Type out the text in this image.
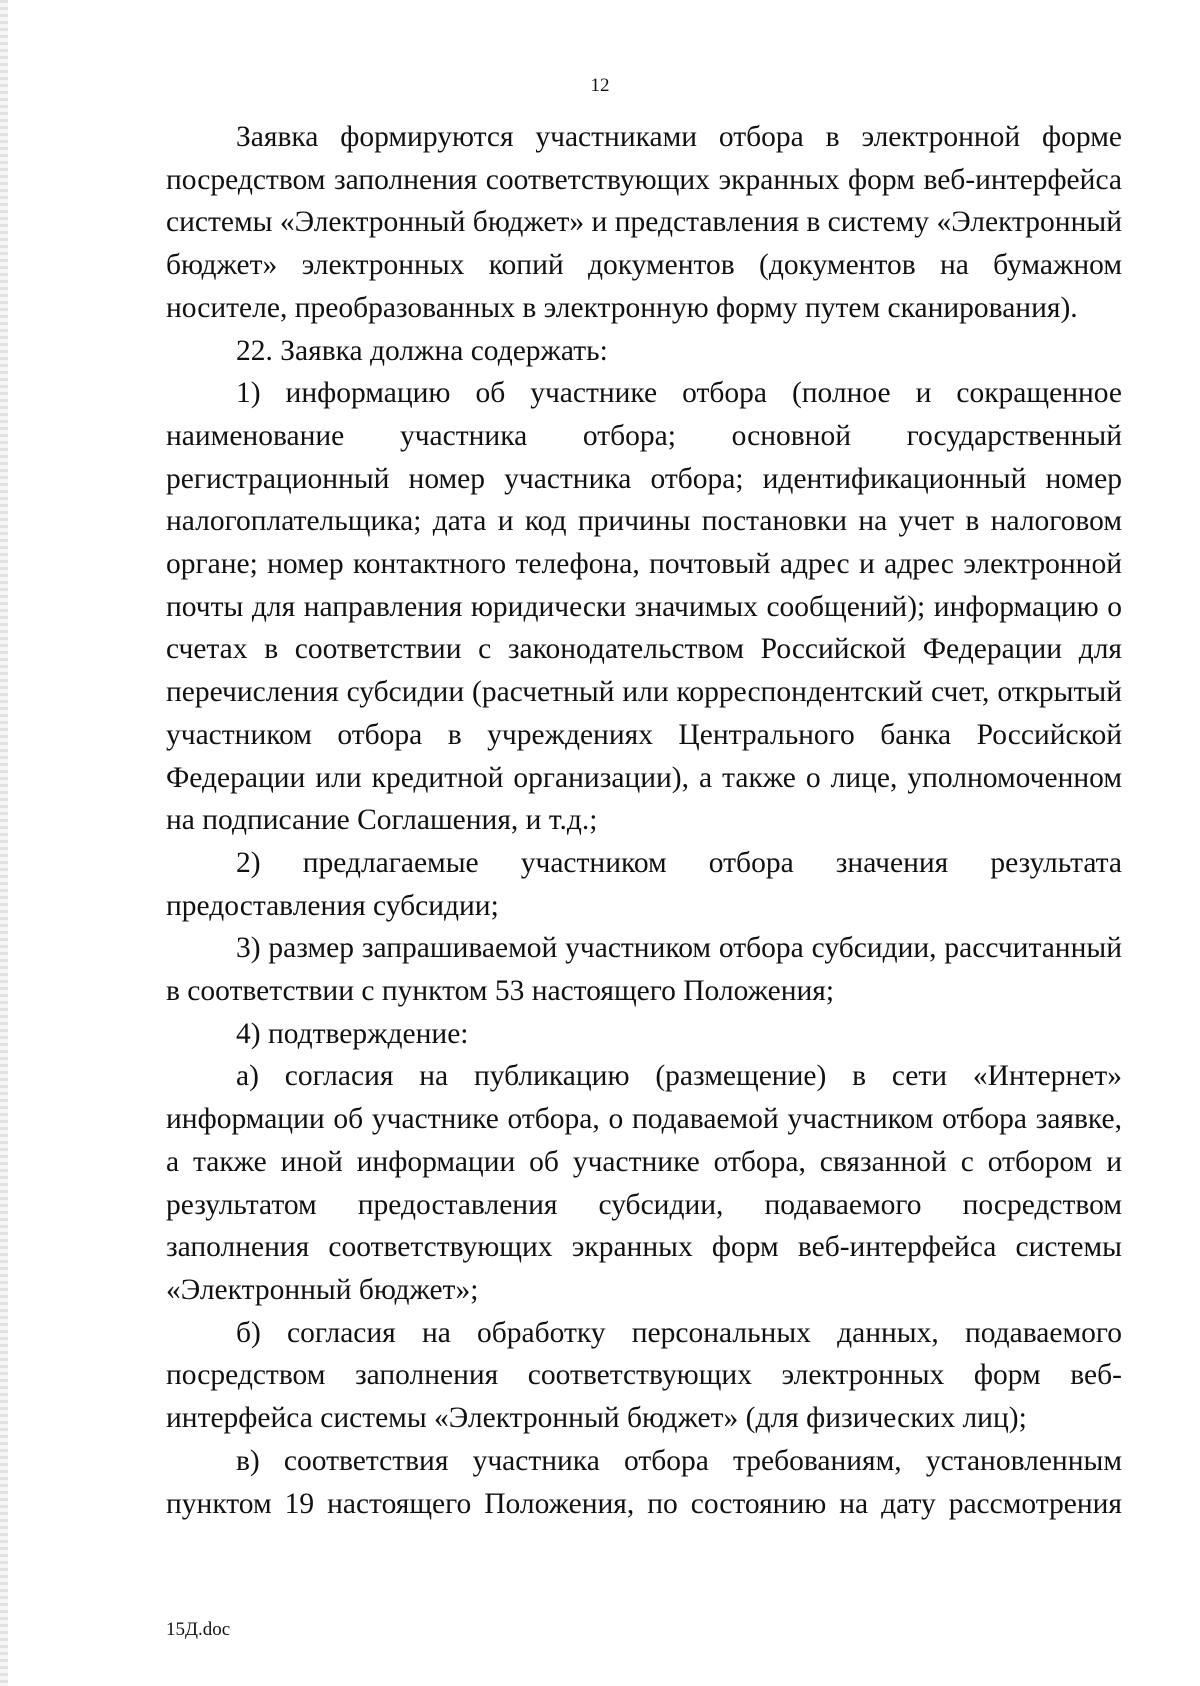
12

Заявка формируются участниками отбора в электронной форме посредством заполнения соответствующих экранных форм веб-интерфейса системы «Электронный бюджет» и представления в систему «Электронный бюджет» электронных копий документов (документов на бумажном носителе, преобразованных в электронную форму путем сканирования).

22. Заявка должна содержать:

1) информацию об участнике отбора (полное и сокращенное наименование участника отбора; основной государственный регистрационный номер участника отбора; идентификационный номер налогоплательщика; дата и код причины постановки на учет в налоговом органе; номер контактного телефона, почтовый адрес и адрес электронной почты для направления юридически значимых сообщений); информацию о счетах в соответствии с законодательством Российской Федерации для перечисления субсидии (расчетный или корреспондентский счет, открытый участником отбора в учреждениях Центрального банка Российской Федерации или кредитной организации), а также о лице, уполномоченном на подписание Соглашения, и т.д.;

2) предлагаемые участником отбора значения результата предоставления субсидии;

3) размер запрашиваемой участником отбора субсидии, рассчитанный в соответствии с пунктом 53 настоящего Положения;

4) подтверждение:

а) согласия на публикацию (размещение) в сети «Интернет» информации об участнике отбора, о подаваемой участником отбора заявке, а также иной информации об участнике отбора, связанной с отбором и результатом предоставления субсидии, подаваемого посредством заполнения соответствующих экранных форм веб-интерфейса системы «Электронный бюджет»;

б) согласия на обработку персональных данных, подаваемого посредством заполнения соответствующих электронных форм веб-интерфейса системы «Электронный бюджет» (для физических лиц);

в) соответствия участника отбора требованиям, установленным пунктом 19 настоящего Положения, по состоянию на дату рассмотрения

15Д.doc
